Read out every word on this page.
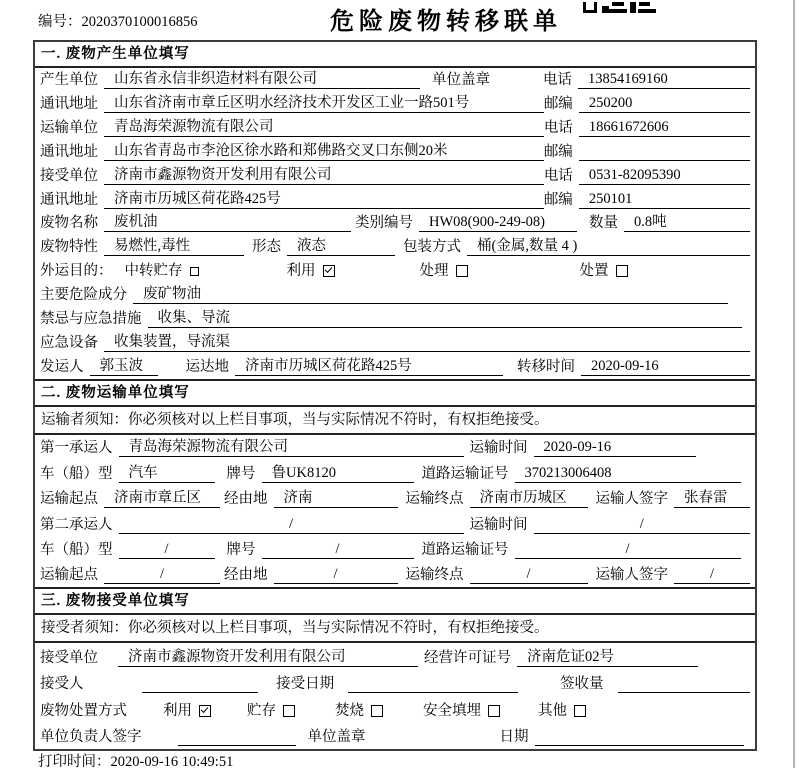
编号：2020370100016856	危险废物转移联单
一. 废物产生单位填写
产生单位	山东省永信非织造材料有限公司	单位盖章	电话	13854169160
通讯地址	山东省济南市章丘区明水经济技术开发区工业一路501号	邮编	250200
运输单位	青岛海荣源物流有限公司	电话	18661672606
通讯地址	山东省青岛市李沧区徐水路和郑佛路交叉口东侧20米	邮编
接受单位	济南市鑫源物资开发利用有限公司	电话	0531-82095390
通讯地址	济南市历城区荷花路425号	邮编	250101
废物名称	废机油	类别编号	HW08(900-249-08)	数量	0.8吨
废物特性	易燃性,毒性	形态	液态	包装方式	桶(金属,数量 4 )
外运目的： 中转贮存	利用	处理	处置
主要危险成分	废矿物油
禁忌与应急措施	收集、导流
应急设备	收集装置，导流渠
发运人	郭玉波	运达地	济南市历城区荷花路425号	转移时间	2020-09-16
二. 废物运输单位填写
运输者须知：你必须核对以上栏目事项，当与实际情况不符时，有权拒绝接受。
第一承运人	青岛海荣源物流有限公司	运输时间	2020-09-16
车（船）型	汽车	牌号	鲁UK8120	道路运输证号	370213006408
运输起点	济南市章丘区	经由地	济南	运输终点	济南市历城区	运输人签字	张春雷
第二承运人	/	运输时间	/
车（船）型	/	牌号	/	道路运输证号	/
运输起点	/	经由地	/	运输终点	/	运输人签字	/
三. 废物接受单位填写
接受者须知：你必须核对以上栏目事项，当与实际情况不符时，有权拒绝接受。
接受单位	济南市鑫源物资开发利用有限公司	经营许可证号	济南危证02号
接受人	接受日期	签收量
废物处置方式	利用	贮存	焚烧	安全填埋	其他
单位负责人签字	单位盖章	日期
打印时间：2020-09-16 10:49:51
